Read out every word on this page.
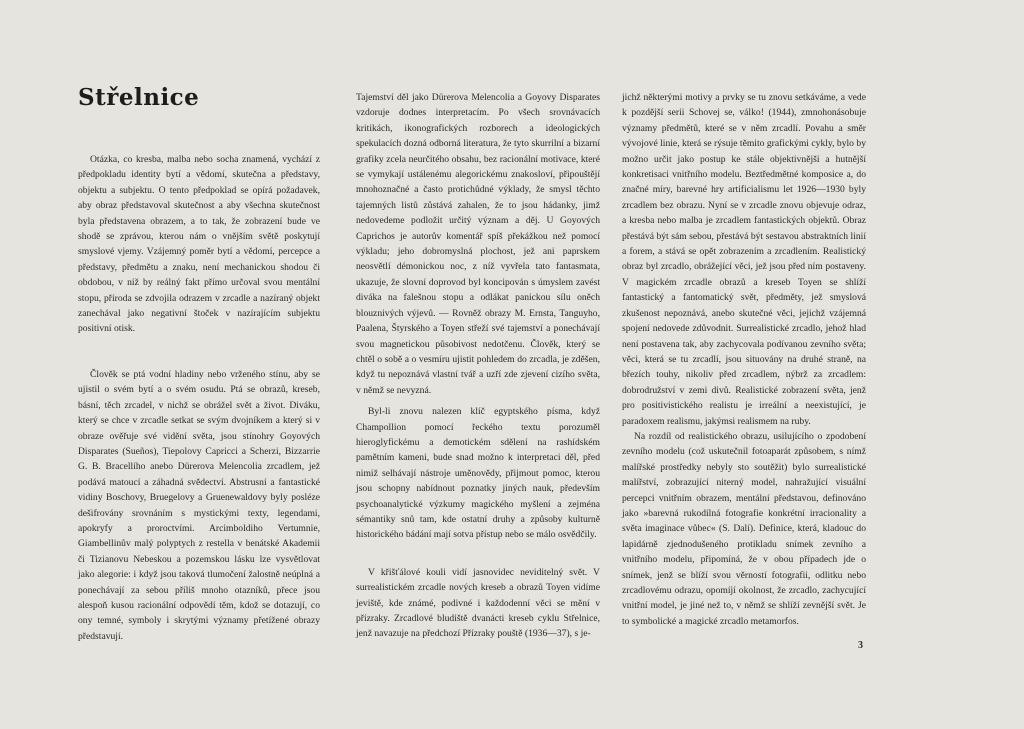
Střelnice

Otázka, co kresba, malba nebo socha znamená, vychází z předpokladu identity bytí a vědomí, skutečna a představy, objektu a subjektu. O tento předpoklad se opírá požadavek, aby obraz představoval skutečnost a aby všechna skutečnost byla představena obrazem, a to tak, že zobrazení bude ve shodě se zprávou, kterou nám o vnějším světě poskytují smyslové vjemy. Vzájemný poměr bytí a vědomí, percepce a představy, předmětu a znaku, není mechanickou shodou či obdobou, v níž by reálný fakt přímo určoval svou mentální stopu, příroda se zdvojila odrazem v zrcadle a nazíraný objekt zanechával jako negativní štoček v nazírajícím subjektu positivní otisk.

Člověk se ptá vodní hladiny nebo vrženého stínu, aby se ujistil o svém bytí a o svém osudu. Ptá se obrazů, kreseb, básní, těch zrcadel, v nichž se obrážel svět a život. Diváku, který se chce v zrcadle setkat se svým dvojníkem a který si v obraze ověřuje své vidění světa, jsou stínohry Goyových Disparates (Sueños), Tiepolovy Capricci a Scherzi, Bizzarrie G. B. Bracellího anebo Dürerova Melencolia zrcadlem, jež podává matoucí a záhadná svědectví. Abstrusní a fantastické vidiny Boschovy, Bruegelovy a Gruenewaldovy byly posléze dešifrovány srovnáním s mystickými texty, legendami, apokryfy a proroctvími. Arcimboldiho Vertumnie, Giambellinův malý polyptych z restella v benátské Akademii či Tizianovu Nebeskou a pozemskou lásku lze vysvětlovat jako alegorie: i když jsou taková tlumočení žalostně neúplná a ponechávají za sebou příliš mnoho otazníků, přece jsou alespoň kusou racionální odpovědí těm, kdož se dotazují, co ony temné, symboly i skrytými významy přetížené obrazy představují.

Tajemství děl jako Dürerova Melencolia a Goyovy Disparates vzdoruje dodnes interpretacím. Po všech srovnávacích kritikách, ikonografických rozborech a ideologických spekulacích dozná odborná literatura, že tyto skurrilní a bizarní grafiky zcela neurčitého obsahu, bez racionální motivace, které se vymykají ustálenému alegorickému znakosloví, připouštějí mnohoznačné a často protichůdné výklady, že smysl těchto tajemných listů zůstává zahalen, že to jsou hádanky, jimž nedovedeme podložit určitý význam a děj. U Goyových Caprichos je autorův komentář spíš překážkou než pomocí výkladu; jeho dobromyslná plochost, jež ani paprskem neosvětlí démonickou noc, z níž vyvřela tato fantasmata, ukazuje, že slovní doprovod byl koncipován s úmyslem zavést diváka na falešnou stopu a odlákat panickou sílu oněch blouznivých výjevů. — Rovněž obrazy M. Ernsta, Tanguyho, Paalena, Štyrského a Toyen střeží své tajemství a ponechávají svou magnetickou působivost nedotčenu. Člověk, který se chtěl o sobě a o vesmíru ujistit pohledem do zrcadla, je zděšen, když tu nepoznává vlastní tvář a uzří zde zjevení cizího světa, v němž se nevyzná.

Byl-li znovu nalezen klíč egyptského písma, když Champollion pomocí řeckého textu porozuměl hieroglyfickému a demotickém sdělení na rashídském pamětním kameni, bude snad možno k interpretaci děl, před nimiž selhávají nástroje uměnovědy, přijmout pomoc, kterou jsou schopny nabídnout poznatky jiných nauk, především psychoanalytické výzkumy magického myšlení a zejména sémantiky snů tam, kde ostatní druhy a způsoby kulturně historického bádání mají sotva přístup nebo se málo osvědčily.

V křišťálové kouli vidí jasnovidec neviditelný svět. V surrealistickém zrcadle nových kreseb a obrazů Toyen vidíme jeviště, kde známé, podivné i každodenní věci se mění v přízraky. Zrcadlové bludiště dvanácti kreseb cyklu Střelnice, jenž navazuje na předchozí Přízraky pouště (1936—37), s je-

jichž některými motivy a prvky se tu znovu setkáváme, a vede k pozdější serii Schovej se, válko! (1944), zmnohonásobuje významy předmětů, které se v něm zrcadlí. Povahu a směr vývojové linie, která se rýsuje těmito grafickými cykly, bylo by možno určit jako postup ke stále objektivnější a hutnější konkretisaci vnitřního modelu. Beztředmětné komposice a, do značné míry, barevné hry artificialismu let 1926—1930 byly zrcadlem bez obrazu. Nyní se v zrcadle znovu objevuje odraz, a kresba nebo malba je zrcadlem fantastických objektů. Obraz přestává být sám sebou, přestává být sestavou abstraktních linií a forem, a stává se opět zobrazením a zrcadlením. Realistický obraz byl zrcadlo, obrážející věci, jež jsou před ním postaveny. V magickém zrcadle obrazů a kreseb Toyen se shlíží fantastický a fantomatický svět, předměty, jež smyslová zkušenost nepoznává, anebo skutečné věci, jejichž vzájemná spojení nedovede zdůvodnit. Surrealistické zrcadlo, jehož hlad není postavena tak, aby zachycovala podívanou zevního světa; věci, která se tu zrcadlí, jsou situovány na druhé straně, na březích touhy, nikoliv před zrcadlem, nýbrž za zrcadlem: dobrodružství v zemi divů. Realistické zobrazení světa, jenž pro positivistického realistu je irreální a neexistující, je paradoxem realismu, jakýmsi realismem na ruby.

Na rozdíl od realistického obrazu, usilujícího o zpodobení zevního modelu (což uskutečnil fotoaparát způsobem, s nímž malířské prostředky nebyly sto soutěžit) bylo surrealistické malířství, zobrazující niterný model, nahražující visuální percepci vnitřním obrazem, mentální představou, definováno jako »barevná rukodílná fotografie konkrétní irracionality a světa imaginace vůbec« (S. Dalí). Definice, která, kladouc do lapidárně zjednodušeného protikladu snímek zevního a vnitřního modelu, připomíná, že v obou případech jde o snímek, jenž se blíží svou věrností fotografii, odlitku nebo zrcadlovému odrazu, opomíjí okolnost, že zrcadlo, zachycující vnitřní model, je jiné než to, v němž se shlíží zevnější svět. Je to symbolické a magické zrcadlo metamorfos.

3
